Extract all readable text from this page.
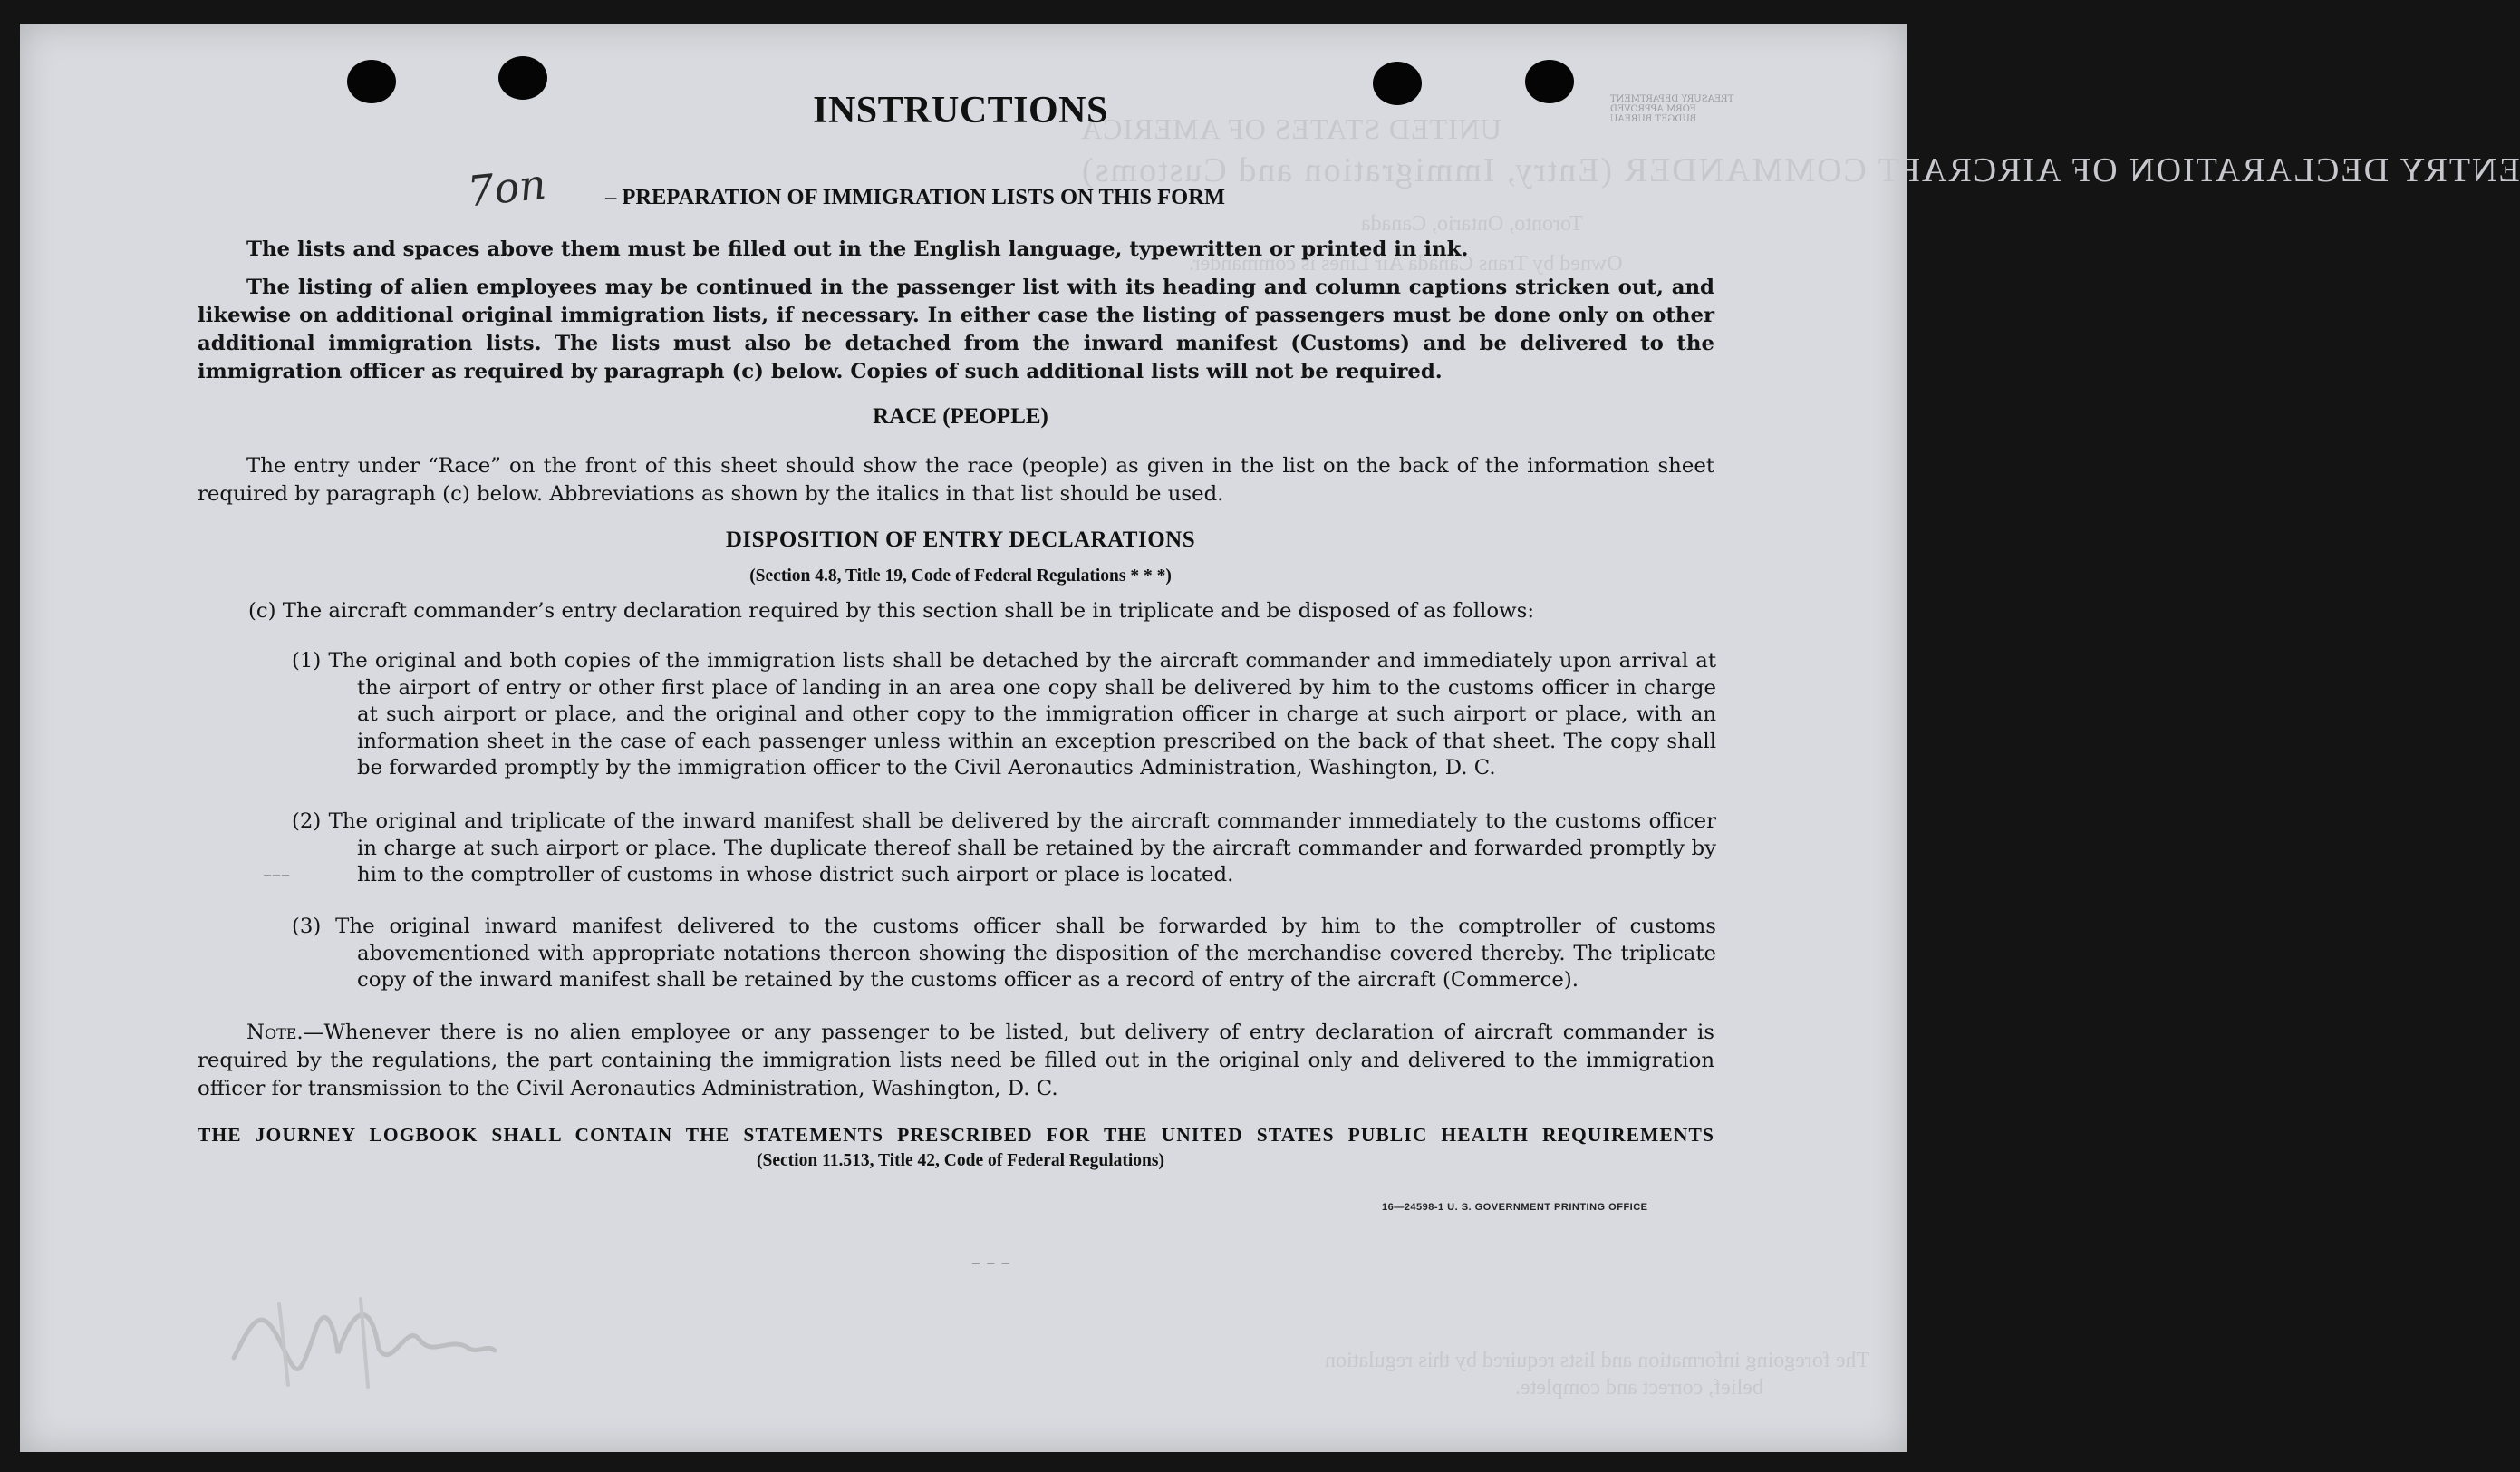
UNITED STATES OF AMERICA
ENTRY DECLARATION OF AIRCRAFT COMMANDER (Entry, Immigration and Customs)
Toronto, Ontario, Canada
Owned by Trans Canada Air Lines is commander.
The foregoing information and lists required by this regulation
belief, correct and complete.
TREASURY DEPARTMENT
FORM APPROVED
BUDGET BUREAU
INSTRUCTIONS
7on	– PREPARATION OF IMMIGRATION LISTS ON THIS FORM

The lists and spaces above them must be filled out in the English language, typewritten or printed in ink.

The listing of alien employees may be continued in the passenger list with its heading and column captions stricken out, and likewise on additional original immigration lists, if necessary. In either case the listing of passengers must be done only on other additional immigration lists. The lists must also be detached from the inward manifest (Customs) and be delivered to the immigration officer as required by paragraph (c) below. Copies of such additional lists will not be required.

RACE (PEOPLE)

The entry under “Race” on the front of this sheet should show the race (people) as given in the list on the back of the information sheet required by paragraph (c) below. Abbreviations as shown by the italics in that list should be used.

DISPOSITION OF ENTRY DECLARATIONS
(Section 4.8, Title 19, Code of Federal Regulations * * *)

(c) The aircraft commander’s entry declaration required by this section shall be in triplicate and be disposed of as follows:

(1) The original and both copies of the immigration lists shall be detached by the aircraft commander and immediately upon arrival at the airport of entry or other first place of landing in an area one copy shall be delivered by him to the customs officer in charge at such airport or place, and the original and other copy to the immigration officer in charge at such airport or place, with an information sheet in the case of each passenger unless within an exception prescribed on the back of that sheet. The copy shall be forwarded promptly by the immigration officer to the Civil Aeronautics Administration, Washington, D. C.

(2) The original and triplicate of the inward manifest shall be delivered by the aircraft commander immediately to the customs officer in charge at such airport or place. The duplicate thereof shall be retained by the aircraft commander and forwarded promptly by him to the comptroller of customs in whose district such airport or place is located.

(3) The original inward manifest delivered to the customs officer shall be forwarded by him to the comptroller of customs abovementioned with appropriate notations thereon showing the disposition of the merchandise covered thereby. The triplicate copy of the inward manifest shall be retained by the customs officer as a record of entry of the aircraft (Commerce).

Note.—Whenever there is no alien employee or any passenger to be listed, but delivery of entry declaration of aircraft commander is required by the regulations, the part containing the immigration lists need be filled out in the original only and delivered to the immigration officer for transmission to the Civil Aeronautics Administration, Washington, D. C.

THE JOURNEY LOGBOOK SHALL CONTAIN THE STATEMENTS PRESCRIBED FOR THE UNITED STATES PUBLIC HEALTH REQUIREMENTS
(Section 11.513, Title 42, Code of Federal Regulations)
16—24598-1 U. S. GOVERNMENT PRINTING OFFICE
– – –
–––
